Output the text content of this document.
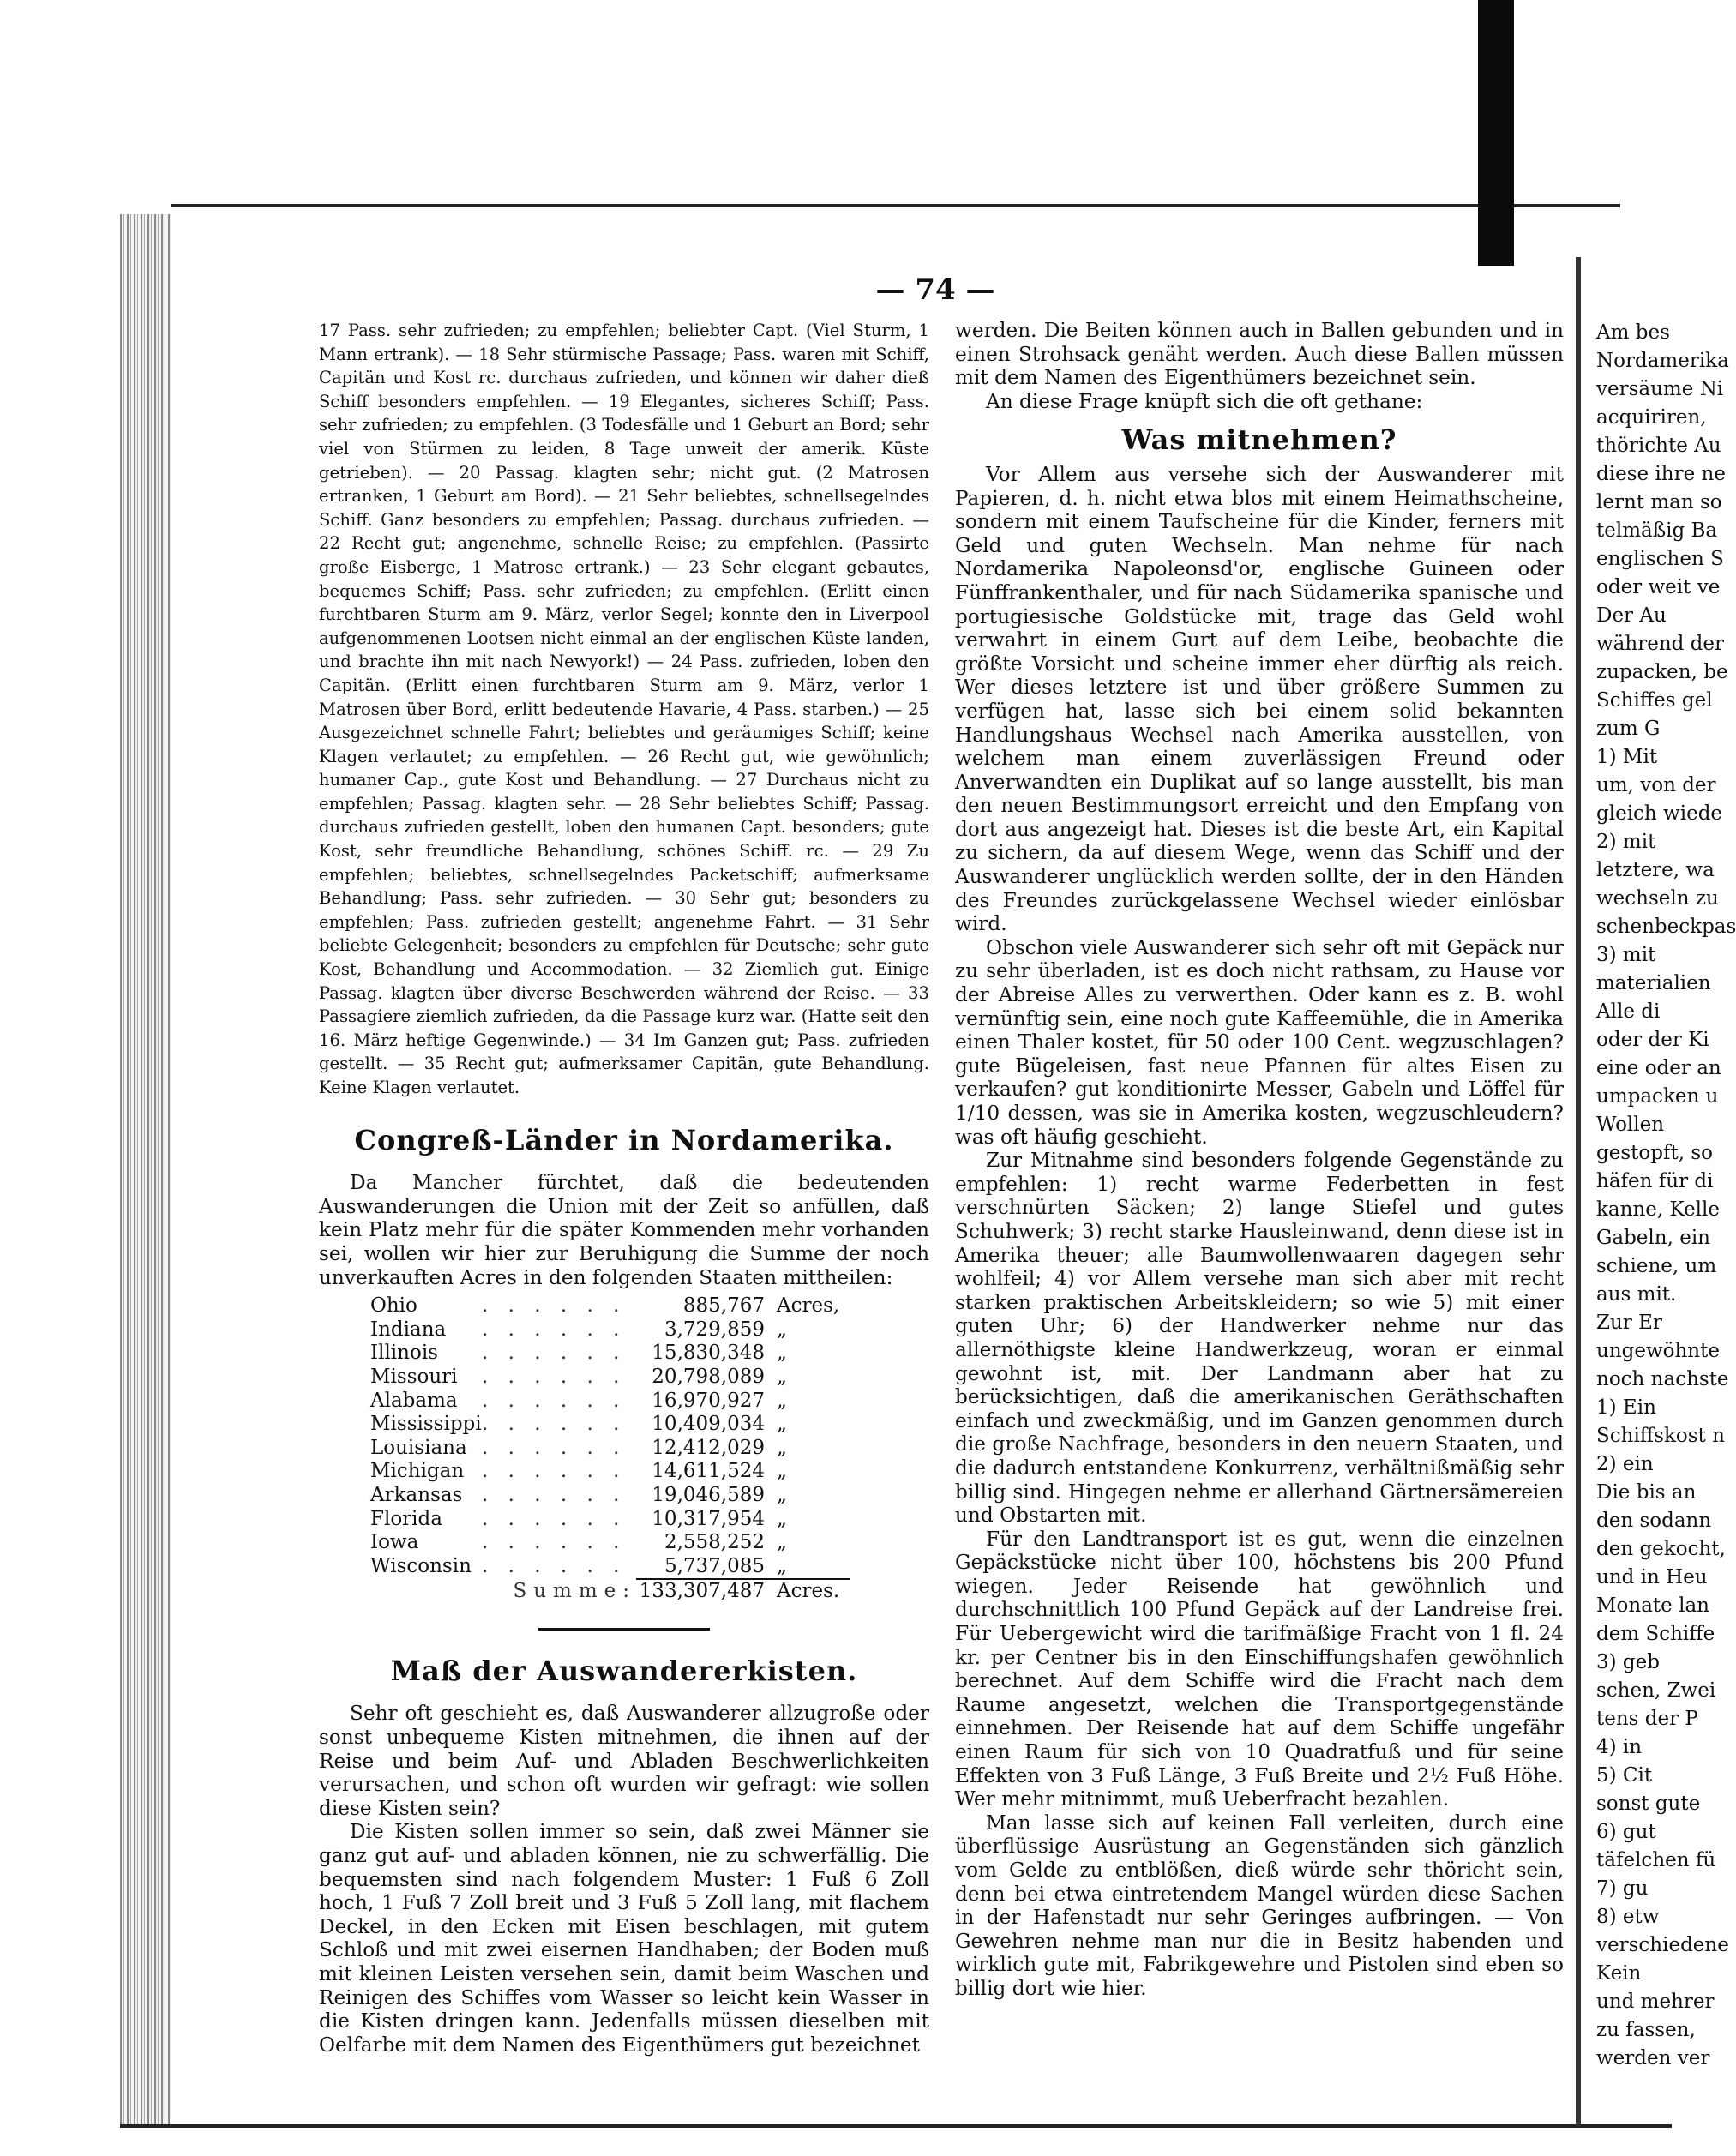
— 74 —

17 Pass. sehr zufrieden; zu empfehlen; beliebter Capt. (Viel Sturm, 1 Mann ertrank). — 18 Sehr stürmische Passage; Pass. waren mit Schiff, Capitän und Kost rc. durchaus zufrieden, und können wir daher dieß Schiff besonders empfehlen. — 19 Elegantes, sicheres Schiff; Pass. sehr zufrieden; zu empfehlen. (3 Todesfälle und 1 Geburt an Bord; sehr viel von Stürmen zu leiden, 8 Tage unweit der amerik. Küste getrieben). — 20 Passag. klagten sehr; nicht gut. (2 Matrosen ertranken, 1 Geburt am Bord). — 21 Sehr beliebtes, schnellsegelndes Schiff. Ganz besonders zu empfehlen; Passag. durchaus zufrieden. — 22 Recht gut; angenehme, schnelle Reise; zu empfehlen. (Passirte große Eisberge, 1 Matrose ertrank.) — 23 Sehr elegant gebautes, bequemes Schiff; Pass. sehr zufrieden; zu empfehlen. (Erlitt einen furchtbaren Sturm am 9. März, verlor Segel; konnte den in Liverpool aufgenommenen Lootsen nicht einmal an der englischen Küste landen, und brachte ihn mit nach Newyork!) — 24 Pass. zufrieden, loben den Capitän. (Erlitt einen furchtbaren Sturm am 9. März, verlor 1 Matrosen über Bord, erlitt bedeutende Havarie, 4 Pass. starben.) — 25 Ausgezeichnet schnelle Fahrt; beliebtes und geräumiges Schiff; keine Klagen verlautet; zu empfehlen. — 26 Recht gut, wie gewöhnlich; humaner Cap., gute Kost und Behandlung. — 27 Durchaus nicht zu empfehlen; Passag. klagten sehr. — 28 Sehr beliebtes Schiff; Passag. durchaus zufrieden gestellt, loben den humanen Capt. besonders; gute Kost, sehr freundliche Behandlung, schönes Schiff. rc. — 29 Zu empfehlen; beliebtes, schnellsegelndes Packetschiff; aufmerksame Behandlung; Pass. sehr zufrieden. — 30 Sehr gut; besonders zu empfehlen; Pass. zufrieden gestellt; angenehme Fahrt. — 31 Sehr beliebte Gelegenheit; besonders zu empfehlen für Deutsche; sehr gute Kost, Behandlung und Accommodation. — 32 Ziemlich gut. Einige Passag. klagten über diverse Beschwerden während der Reise. — 33 Passagiere ziemlich zufrieden, da die Passage kurz war. (Hatte seit den 16. März heftige Gegenwinde.) — 34 Im Ganzen gut; Pass. zufrieden gestellt. — 35 Recht gut; aufmerksamer Capitän, gute Behandlung. Keine Klagen verlautet.

Congreß-Länder in Nordamerika.

Da Mancher fürchtet, daß die bedeutenden Auswanderungen die Union mit der Zeit so anfüllen, daß kein Platz mehr für die später Kommenden mehr vorhanden sei, wollen wir hier zur Beruhigung die Summe der noch unverkauften Acres in den folgenden Staaten mittheilen:

Ohio	. . . . . .	885,767	Acres,
Indiana	. . . . . .	3,729,859	„
Illinois	. . . . . .	15,830,348	„
Missouri	. . . . . .	20,798,089	„
Alabama	. . . . . .	16,970,927	„
Mississippi	. . . . . .	10,409,034	„
Louisiana	. . . . . .	12,412,029	„
Michigan	. . . . . .	14,611,524	„
Arkansas	. . . . . .	19,046,589	„
Florida	. . . . . .	10,317,954	„
Iowa	. . . . . .	2,558,252	„
Wisconsin	. . . . . .	5,737,085	„
	Summe:	133,307,487	Acres.
Maß der Auswandererkisten.

Sehr oft geschieht es, daß Auswanderer allzugroße oder sonst unbequeme Kisten mitnehmen, die ihnen auf der Reise und beim Auf- und Abladen Beschwerlichkeiten verursachen, und schon oft wurden wir gefragt: wie sollen diese Kisten sein?

Die Kisten sollen immer so sein, daß zwei Männer sie ganz gut auf- und abladen können, nie zu schwerfällig. Die bequemsten sind nach folgendem Muster: 1 Fuß 6 Zoll hoch, 1 Fuß 7 Zoll breit und 3 Fuß 5 Zoll lang, mit flachem Deckel, in den Ecken mit Eisen beschlagen, mit gutem Schloß und mit zwei eisernen Handhaben; der Boden muß mit kleinen Leisten versehen sein, damit beim Waschen und Reinigen des Schiffes vom Wasser so leicht kein Wasser in die Kisten dringen kann. Jedenfalls müssen dieselben mit Oelfarbe mit dem Namen des Eigenthümers gut bezeichnet

werden. Die Beiten können auch in Ballen gebunden und in einen Strohsack genäht werden. Auch diese Ballen müssen mit dem Namen des Eigenthümers bezeichnet sein.

An diese Frage knüpft sich die oft gethane:

Was mitnehmen?

Vor Allem aus versehe sich der Auswanderer mit Papieren, d. h. nicht etwa blos mit einem Heimathscheine, sondern mit einem Taufscheine für die Kinder, ferners mit Geld und guten Wechseln. Man nehme für nach Nordamerika Napoleonsd'or, englische Guineen oder Fünffrankenthaler, und für nach Südamerika spanische und portugiesische Goldstücke mit, trage das Geld wohl verwahrt in einem Gurt auf dem Leibe, beobachte die größte Vorsicht und scheine immer eher dürftig als reich. Wer dieses letztere ist und über größere Summen zu verfügen hat, lasse sich bei einem solid bekannten Handlungshaus Wechsel nach Amerika ausstellen, von welchem man einem zuverlässigen Freund oder Anverwandten ein Duplikat auf so lange ausstellt, bis man den neuen Bestimmungsort erreicht und den Empfang von dort aus angezeigt hat. Dieses ist die beste Art, ein Kapital zu sichern, da auf diesem Wege, wenn das Schiff und der Auswanderer unglücklich werden sollte, der in den Händen des Freundes zurückgelassene Wechsel wieder einlösbar wird.

Obschon viele Auswanderer sich sehr oft mit Gepäck nur zu sehr überladen, ist es doch nicht rathsam, zu Hause vor der Abreise Alles zu verwerthen. Oder kann es z. B. wohl vernünftig sein, eine noch gute Kaffeemühle, die in Amerika einen Thaler kostet, für 50 oder 100 Cent. wegzuschlagen? gute Bügeleisen, fast neue Pfannen für altes Eisen zu verkaufen? gut konditionirte Messer, Gabeln und Löffel für 1/10 dessen, was sie in Amerika kosten, wegzuschleudern? was oft häufig geschieht.

Zur Mitnahme sind besonders folgende Gegenstände zu empfehlen: 1) recht warme Federbetten in fest verschnürten Säcken; 2) lange Stiefel und gutes Schuhwerk; 3) recht starke Hausleinwand, denn diese ist in Amerika theuer; alle Baumwollenwaaren dagegen sehr wohlfeil; 4) vor Allem versehe man sich aber mit recht starken praktischen Arbeitskleidern; so wie 5) mit einer guten Uhr; 6) der Handwerker nehme nur das allernöthigste kleine Handwerkzeug, woran er einmal gewohnt ist, mit. Der Landmann aber hat zu berücksichtigen, daß die amerikanischen Geräthschaften einfach und zweckmäßig, und im Ganzen genommen durch die große Nachfrage, besonders in den neuern Staaten, und die dadurch entstandene Konkurrenz, verhältnißmäßig sehr billig sind. Hingegen nehme er allerhand Gärtnersämereien und Obstarten mit.

Für den Landtransport ist es gut, wenn die einzelnen Gepäckstücke nicht über 100, höchstens bis 200 Pfund wiegen. Jeder Reisende hat gewöhnlich und durchschnittlich 100 Pfund Gepäck auf der Landreise frei. Für Uebergewicht wird die tarifmäßige Fracht von 1 fl. 24 kr. per Centner bis in den Einschiffungshafen gewöhnlich berechnet. Auf dem Schiffe wird die Fracht nach dem Raume angesetzt, welchen die Transportgegenstände einnehmen. Der Reisende hat auf dem Schiffe ungefähr einen Raum für sich von 10 Quadratfuß und für seine Effekten von 3 Fuß Länge, 3 Fuß Breite und 2½ Fuß Höhe. Wer mehr mitnimmt, muß Ueberfracht bezahlen.

Man lasse sich auf keinen Fall verleiten, durch eine überflüssige Ausrüstung an Gegenständen sich gänzlich vom Gelde zu entblößen, dieß würde sehr thöricht sein, denn bei etwa eintretendem Mangel würden diese Sachen in der Hafenstadt nur sehr Geringes aufbringen. — Von Gewehren nehme man nur die in Besitz habenden und wirklich gute mit, Fabrikgewehre und Pistolen sind eben so billig dort wie hier.

Am bes
Nordamerika
versäume Ni
acquiriren,
thörichte Au
diese ihre ne
lernt man so
telmäßig Ba
englischen S
oder weit ve
Der Au
während der
zupacken, be
Schiffes gel
zum G
1) Mit
um, von der
gleich wiede
2) mit
letztere, wa
wechseln zu
schenbeckpas
3) mit
materialien
Alle di
oder der Ki
eine oder an
umpacken u
Wollen
gestopft, so
häfen für di
kanne, Kelle
Gabeln, ein
schiene, um
aus mit.
Zur Er
ungewöhnte
noch nachste
1) Ein
Schiffskost n
2) ein
Die bis an
den sodann
den gekocht,
und in Heu
Monate lan
dem Schiffe
3) geb
schen, Zwei
tens der P
4) in
5) Cit
sonst gute
6) gut
täfelchen fü
7) gu
8) etw
verschiedene
Kein
und mehrer
zu fassen,
werden ver
